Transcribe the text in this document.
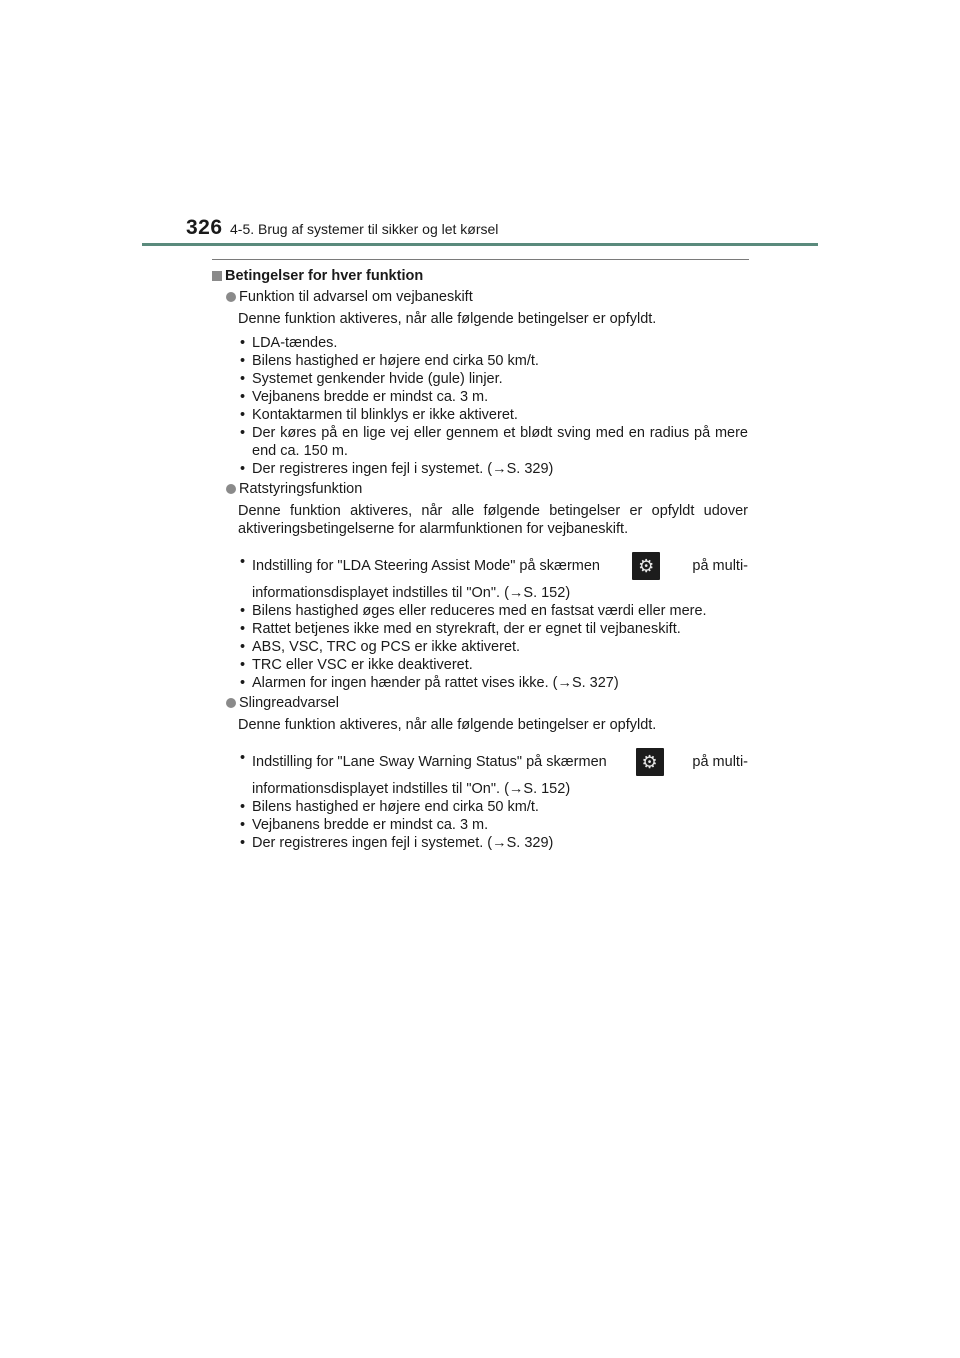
326 4-5. Brug af systemer til sikker og let kørsel
Betingelser for hver funktion
Funktion til advarsel om vejbaneskift

Denne funktion aktiveres, når alle følgende betingelser er opfyldt.

• LDA-tændes.
• Bilens hastighed er højere end cirka 50 km/t.
• Systemet genkender hvide (gule) linjer.
• Vejbanens bredde er mindst ca. 3 m.
• Kontaktarmen til blinklys er ikke aktiveret.
• Der køres på en lige vej eller gennem et blødt sving med en radius på mere end ca. 150 m.
• Der registreres ingen fejl i systemet. (→S. 329)
Ratstyringsfunktion

Denne funktion aktiveres, når alle følgende betingelser er opfyldt udover aktiveringsbetingelserne for alarmfunktionen for vejbaneskift.

• Indstilling for "LDA Steering Assist Mode" på skærmen ⚙	på multi-
informationsdisplayet indstilles til "On". (→S. 152)
• Bilens hastighed øges eller reduceres med en fastsat værdi eller mere.
• Rattet betjenes ikke med en styrekraft, der er egnet til vejbaneskift.
• ABS, VSC, TRC og PCS er ikke aktiveret.
• TRC eller VSC er ikke deaktiveret.
• Alarmen for ingen hænder på rattet vises ikke. (→S. 327)
Slingreadvarsel

Denne funktion aktiveres, når alle følgende betingelser er opfyldt.

• Indstilling for "Lane Sway Warning Status" på skærmen ⚙ på multi-
informationsdisplayet indstilles til "On". (→S. 152)
• Bilens hastighed er højere end cirka 50 km/t.
• Vejbanens bredde er mindst ca. 3 m.
• Der registreres ingen fejl i systemet. (→S. 329)
